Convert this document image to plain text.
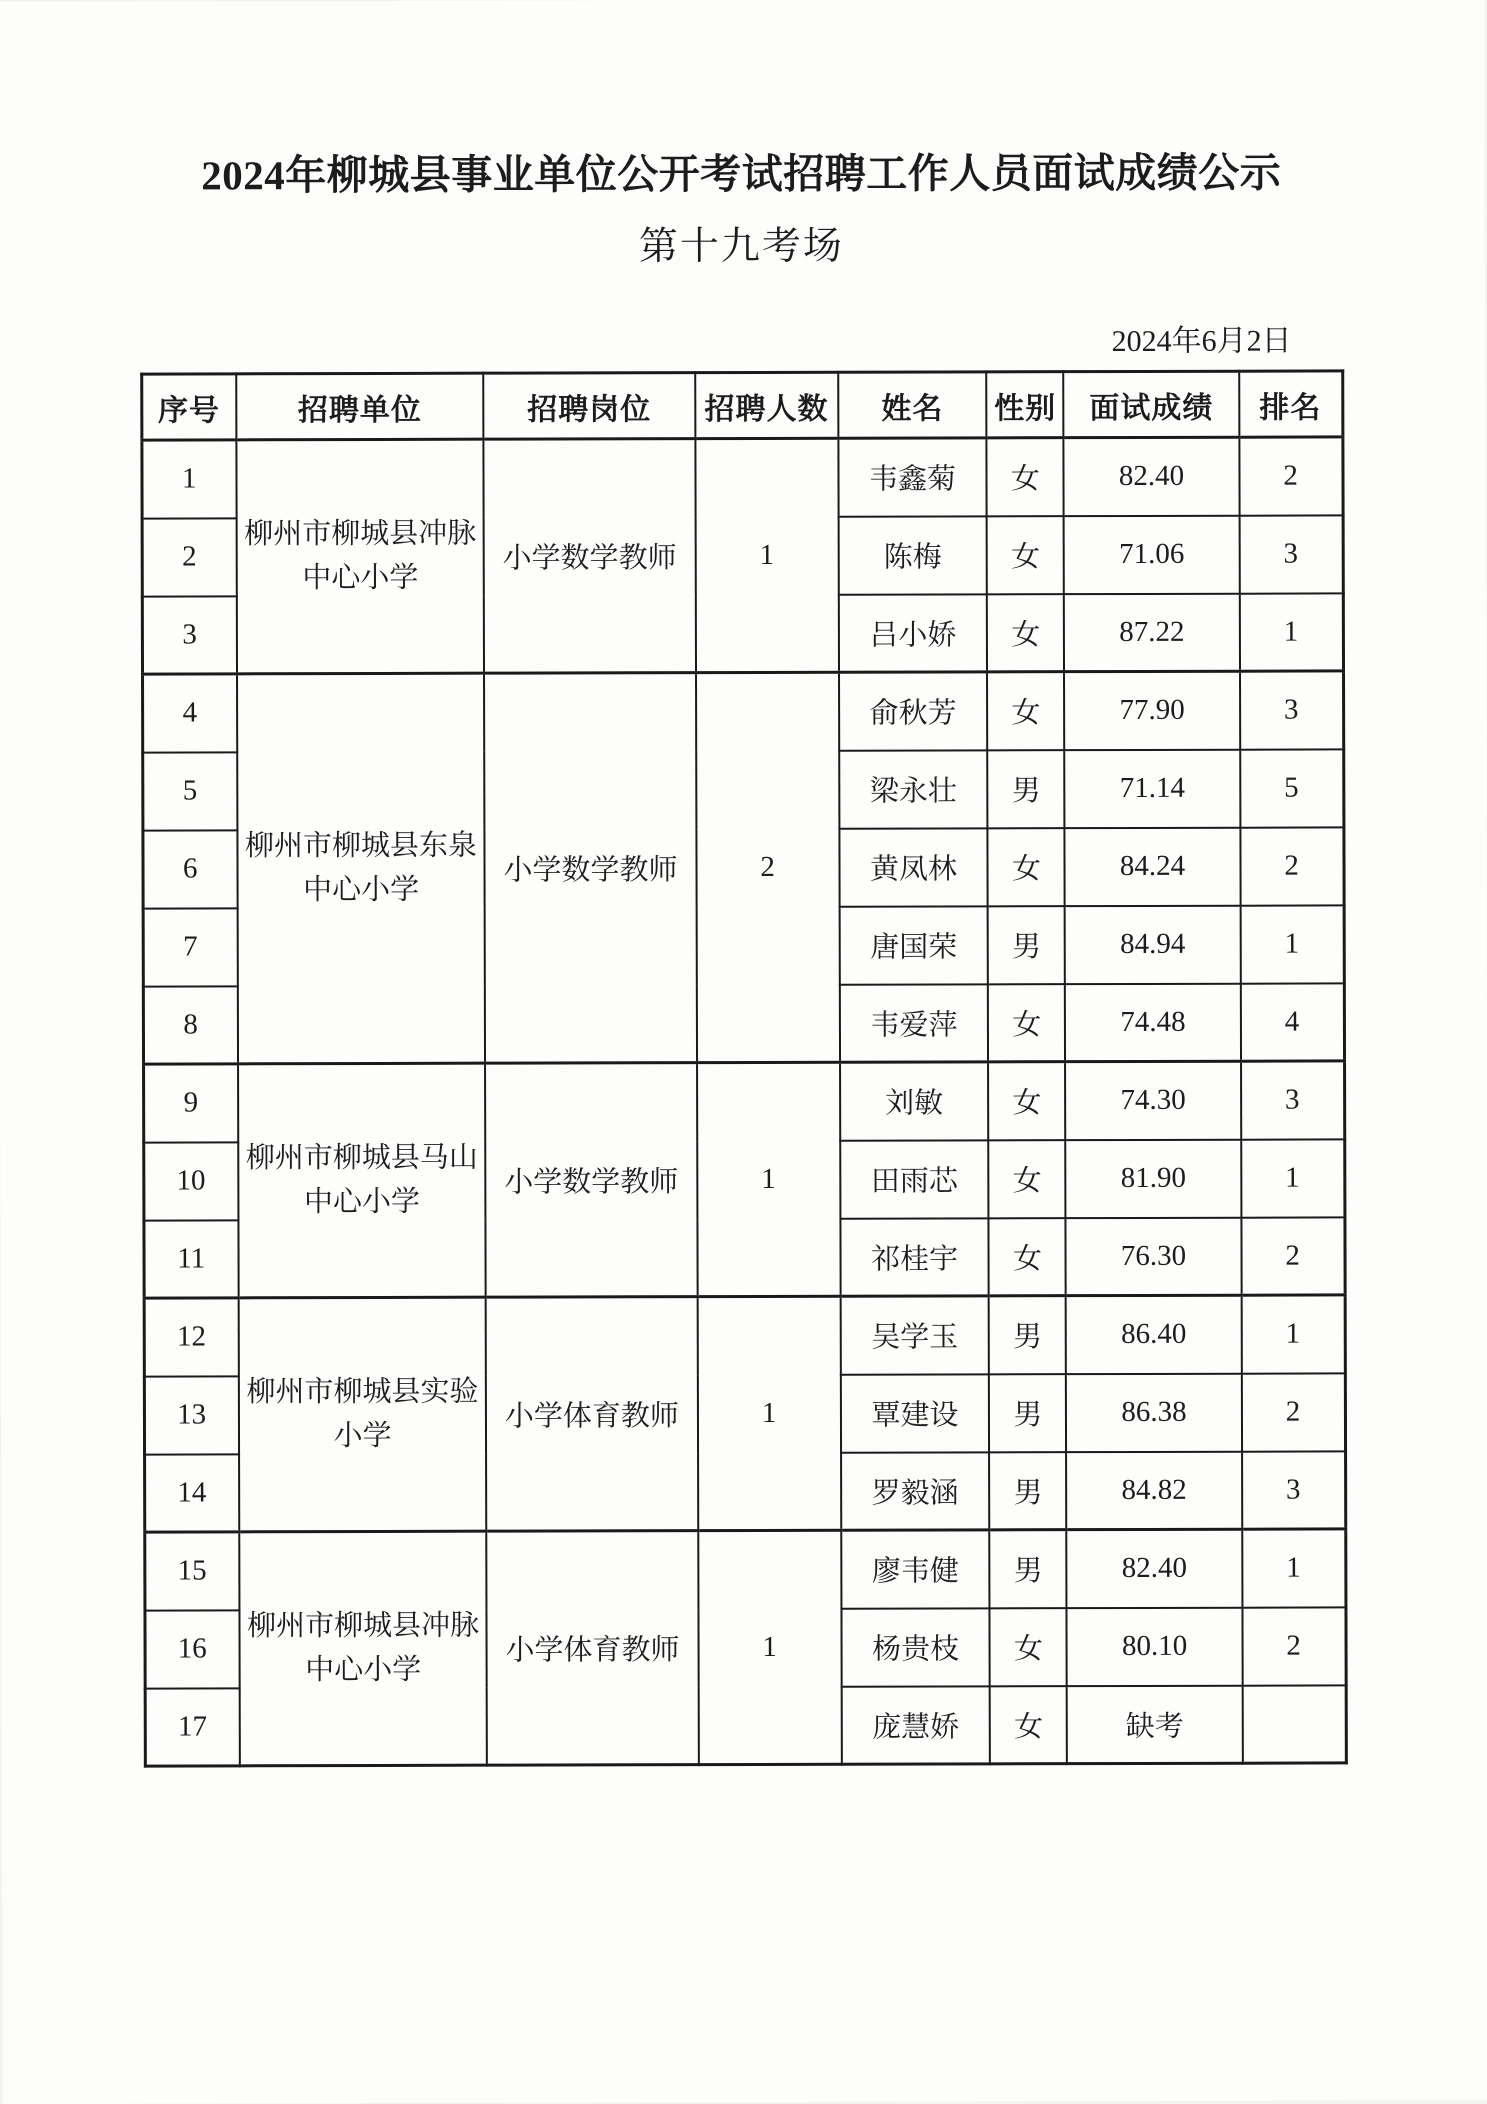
2024年柳城县事业单位公开考试招聘工作人员面试成绩公示
第十九考场
2024年6月2日
序号	招聘单位	招聘岗位	招聘人数	姓名	性别	面试成绩	排名
1	柳州市柳城县冲脉中心小学	小学数学教师	1	韦鑫菊	女	82.40	2
2				陈梅	女	71.06	3
3				吕小娇	女	87.22	1
4	柳州市柳城县东泉中心小学	小学数学教师	2	俞秋芳	女	77.90	3
5				梁永壮	男	71.14	5
6				黄凤林	女	84.24	2
7				唐国荣	男	84.94	1
8				韦爱萍	女	74.48	4
9	柳州市柳城县马山中心小学	小学数学教师	1	刘敏	女	74.30	3
10				田雨芯	女	81.90	1
11				祁桂宇	女	76.30	2
12	柳州市柳城县实验小学	小学体育教师	1	吴学玉	男	86.40	1
13				覃建设	男	86.38	2
14				罗毅涵	男	84.82	3
15	柳州市柳城县冲脉中心小学	小学体育教师	1	廖韦健	男	82.40	1
16				杨贵枝	女	80.10	2
17				庞慧娇	女	缺考	
